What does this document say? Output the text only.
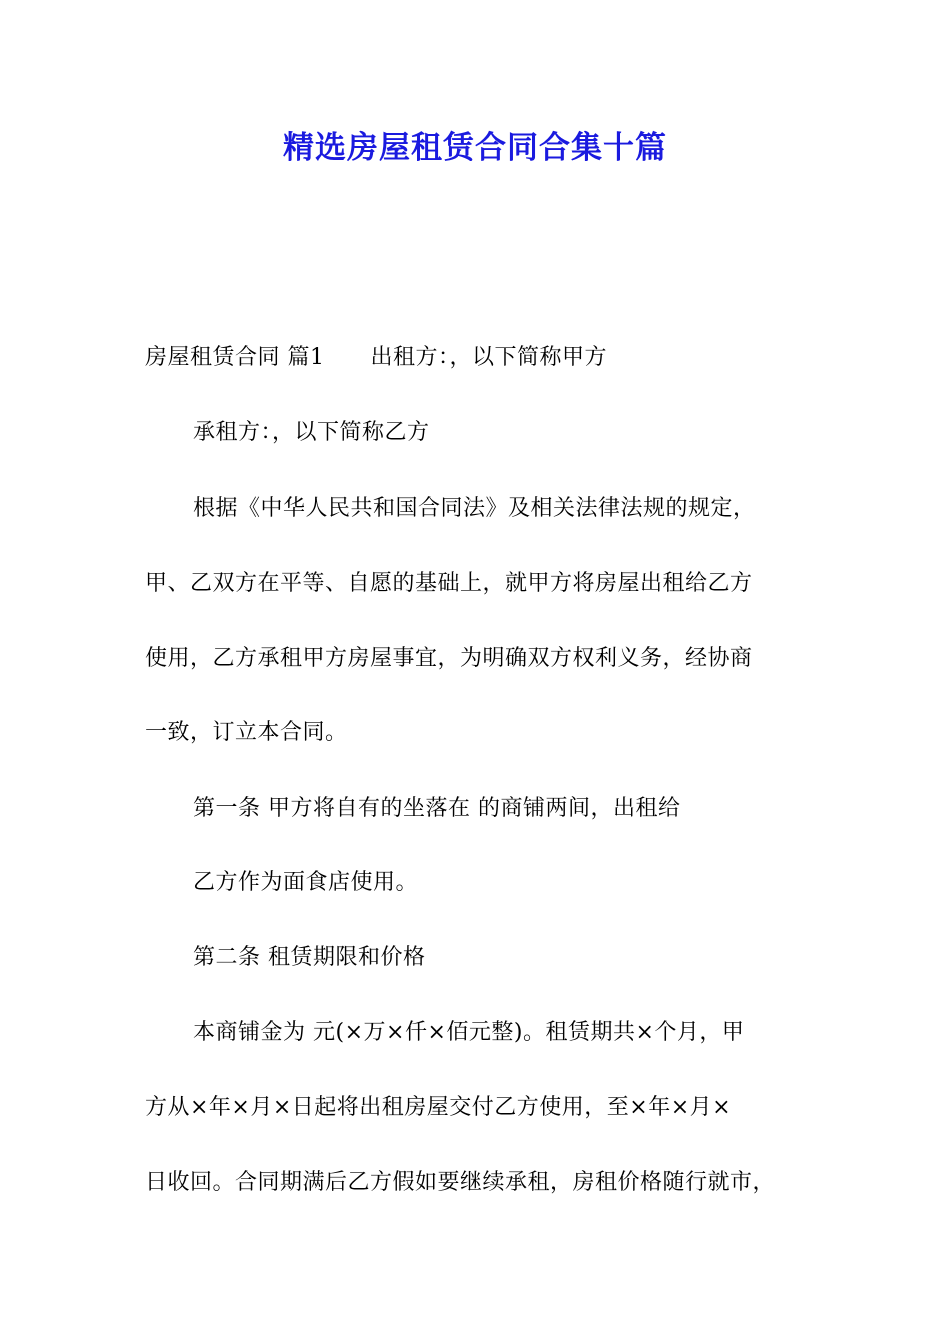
精选房屋租赁合同合集十篇
房屋租赁合同 篇1 出租方：，以下简称甲方
承租方：，以下简称乙方
根据《中华人民共和国合同法》及相关法律法规的规定，
甲、乙双方在平等、自愿的基础上，就甲方将房屋出租给乙方
使用，乙方承租甲方房屋事宜，为明确双方权利义务，经协商
一致，订立本合同。
第一条 甲方将自有的坐落在 的商铺两间，出租给
乙方作为面食店使用。
第二条 租赁期限和价格
本商铺金为 元(×万×仟×佰元整)。租赁期共×个月，甲
方从×年×月×日起将出租房屋交付乙方使用，至×年×月×
日收回。合同期满后乙方假如要继续承租，房租价格随行就市，
